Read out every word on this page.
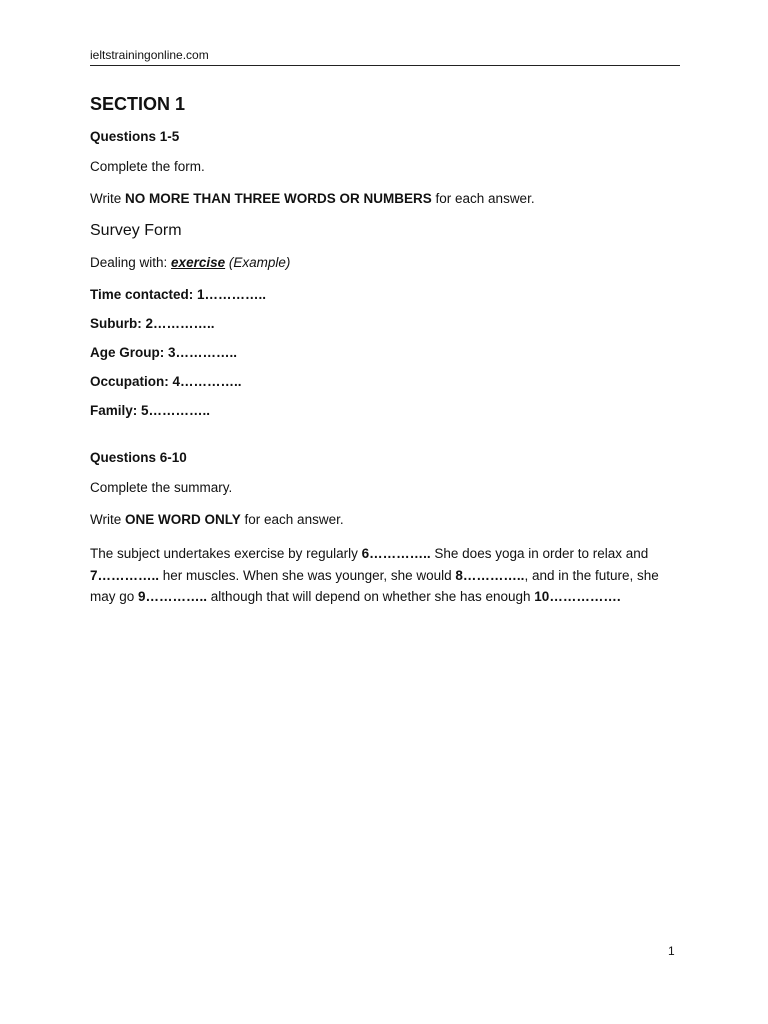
ieltstrainingonline.com
SECTION 1
Questions 1-5

Complete the form.

Write NO MORE THAN THREE WORDS OR NUMBERS for each answer.

Survey Form

Dealing with: exercise (Example)

Time contacted: 1…………..
Suburb: 2…………..
Age Group: 3…………..
Occupation: 4…………..
Family: 5…………..
Questions 6-10

Complete the summary.

Write ONE WORD ONLY for each answer.

The subject undertakes exercise by regularly 6………….. She does yoga in order to relax and 7………….. her muscles. When she was younger, she would 8………….., and in the future, she may go 9………….. although that will depend on whether she has enough 10…………….

1
